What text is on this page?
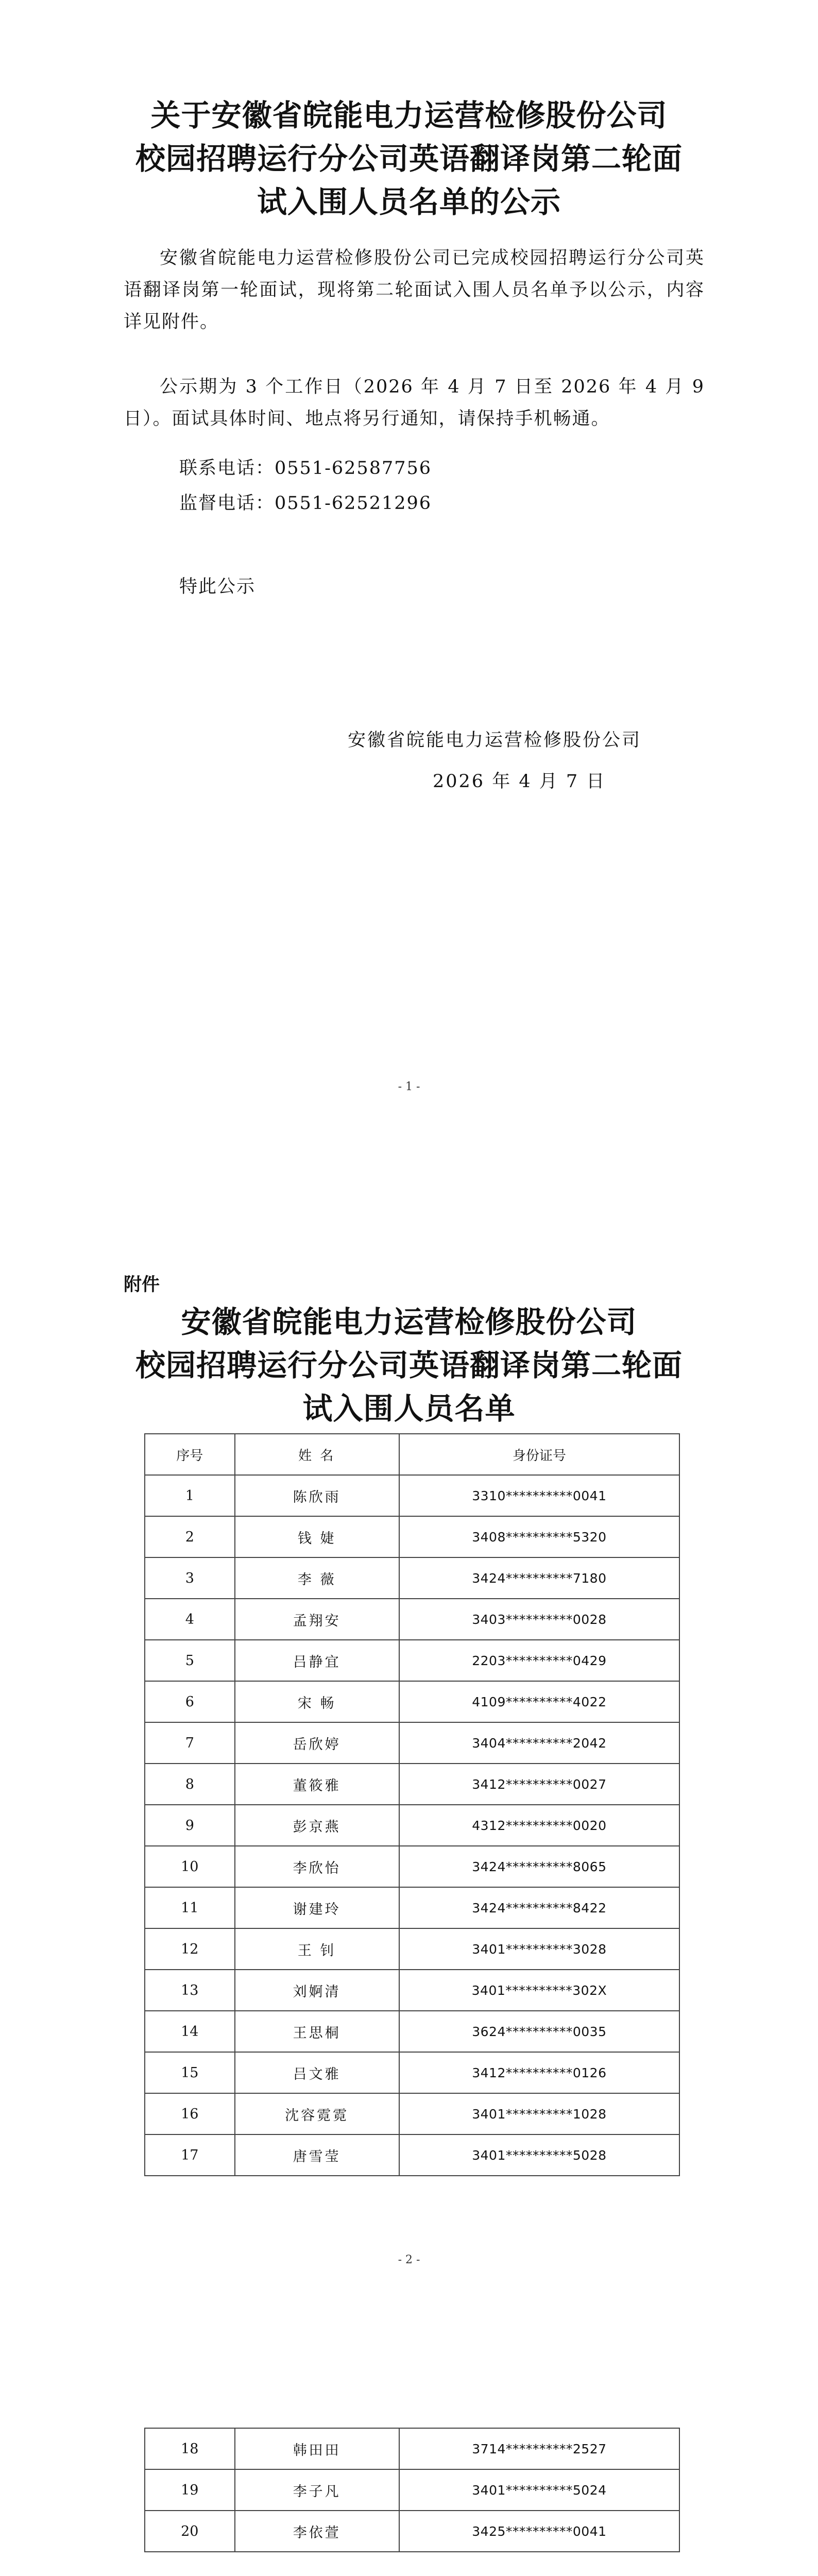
关于安徽省皖能电力运营检修股份公司
校园招聘运行分公司英语翻译岗第二轮面
试入围人员名单的公示

安徽省皖能电力运营检修股份公司已完成校园招聘运行分公司英语翻译岗第一轮面试，现将第二轮面试入围人员名单予以公示，内容详见附件。

公示期为 3 个工作日（2026 年 4 月 7 日至 2026 年 4 月 9 日）。面试具体时间、地点将另行通知，请保持手机畅通。

联系电话：0551-62587756
监督电话：0551-62521296
特此公示
安徽省皖能电力运营检修股份公司
2026 年 4 月 7 日
- 1 -
附件
安徽省皖能电力运营检修股份公司
校园招聘运行分公司英语翻译岗第二轮面
试入围人员名单
序号	姓 名	身份证号
1	陈欣雨	3310**********0041
2	钱 婕	3408**********5320
3	李 薇	3424**********7180
4	孟翔安	3403**********0028
5	吕静宜	2203**********0429
6	宋 畅	4109**********4022
7	岳欣婷	3404**********2042
8	董筱雅	3412**********0027
9	彭京燕	4312**********0020
10	李欣怡	3424**********8065
11	谢建玲	3424**********8422
12	王 钊	3401**********3028
13	刘婀清	3401**********302X
14	王思桐	3624**********0035
15	吕文雅	3412**********0126
16	沈容霓霓	3401**********1028
17	唐雪莹	3401**********5028
- 2 -
18	韩田田	3714**********2527
19	李子凡	3401**********5024
20	李依萱	3425**********0041
